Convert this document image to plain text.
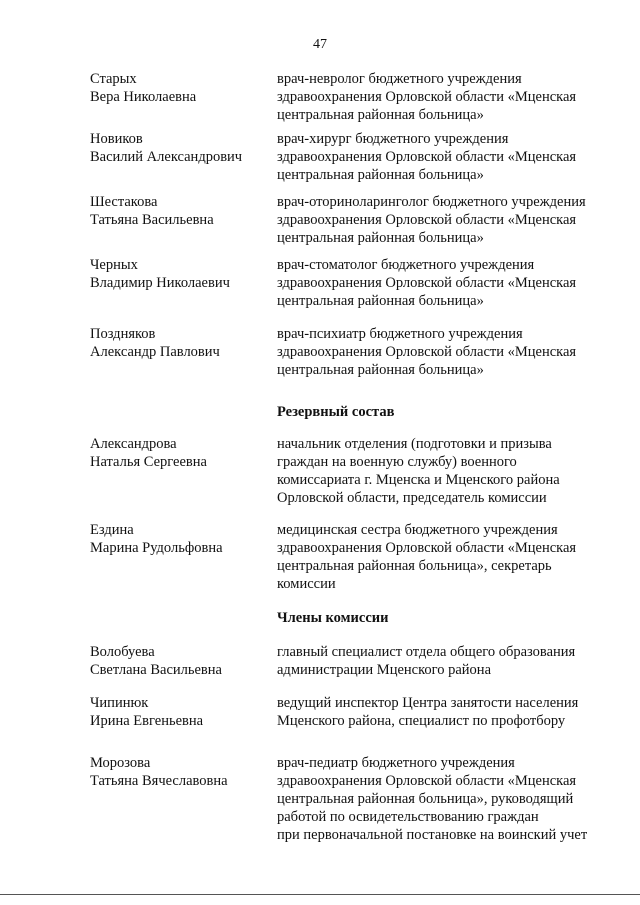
47
Старых
Вера Николаевна
врач-невролог бюджетного учреждения
здравоохранения Орловской области «Мценская
центральная районная больница»
Новиков
Василий Александрович
врач-хирург бюджетного учреждения
здравоохранения Орловской области «Мценская
центральная районная больница»
Шестакова
Татьяна Васильевна
врач-оториноларинголог бюджетного учреждения
здравоохранения Орловской области «Мценская
центральная районная больница»
Черных
Владимир Николаевич
врач-стоматолог бюджетного учреждения
здравоохранения Орловской области «Мценская
центральная районная больница»
Поздняков
Александр Павлович
врач-психиатр бюджетного учреждения
здравоохранения Орловской области «Мценская
центральная районная больница»
Резервный состав
Александрова
Наталья Сергеевна
начальник отделения (подготовки и призыва
граждан на военную службу) военного
комиссариата г. Мценска и Мценского района
Орловской области, председатель комиссии
Ездина
Марина Рудольфовна
медицинская сестра бюджетного учреждения
здравоохранения Орловской области «Мценская
центральная районная больница», секретарь
комиссии
Члены комиссии
Волобуева
Светлана Васильевна
главный специалист отдела общего образования
администрации Мценского района
Чипинюк
Ирина Евгеньевна
ведущий инспектор Центра занятости населения
Мценского района, специалист по профотбору
Морозова
Татьяна Вячеславовна
врач-педиатр бюджетного учреждения
здравоохранения Орловской области «Мценская
центральная районная больница», руководящий
работой по освидетельствованию граждан
при первоначальной постановке на воинский учет
